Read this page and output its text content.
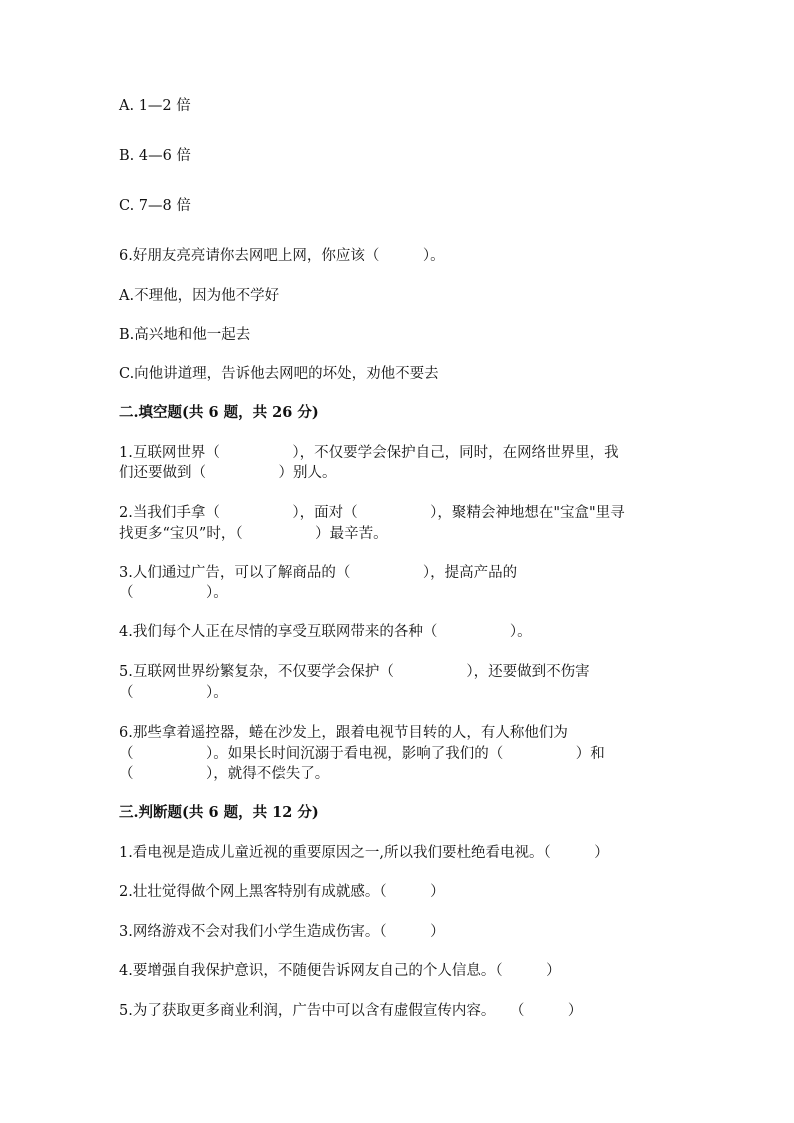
A. 1—2 倍

B. 4—6 倍

C. 7—8 倍

6.好朋友亮亮请你去网吧上网，你应该（　　　）。

A.不理他，因为他不学好

B.高兴地和他一起去

C.向他讲道理，告诉他去网吧的坏处，劝他不要去

二.填空题(共 6 题，共 26 分)

1.互联网世界（　　　　　），不仅要学会保护自己，同时，在网络世界里，我

们还要做到（　　　　　）别人。

2.当我们手拿（　　　　　），面对（　　　　　），聚精会神地想在"宝盒"里寻

找更多“宝贝”时，（　　　　　）最辛苦。

3.人们通过广告，可以了解商品的（　　　　　），提高产品的

（　　　　　）。

4.我们每个人正在尽情的享受互联网带来的各种（　　　　　）。

5.互联网世界纷繁复杂，不仅要学会保护（　　　　　），还要做到不伤害

（　　　　　）。

6.那些拿着遥控器，蜷在沙发上，跟着电视节目转的人，有人称他们为

（　　　　　）。如果长时间沉溺于看电视，影响了我们的（　　　　　）和

（　　　　　），就得不偿失了。

三.判断题(共 6 题，共 12 分)

1.看电视是造成儿童近视的重要原因之一,所以我们要杜绝看电视。（　　　）

2.壮壮觉得做个网上黑客特别有成就感。（　　　）

3.网络游戏不会对我们小学生造成伤害。（　　　）

4.要增强自我保护意识，不随便告诉网友自己的个人信息。（　　　）

5.为了获取更多商业利润，广告中可以含有虚假宣传内容。　　（　　　）
